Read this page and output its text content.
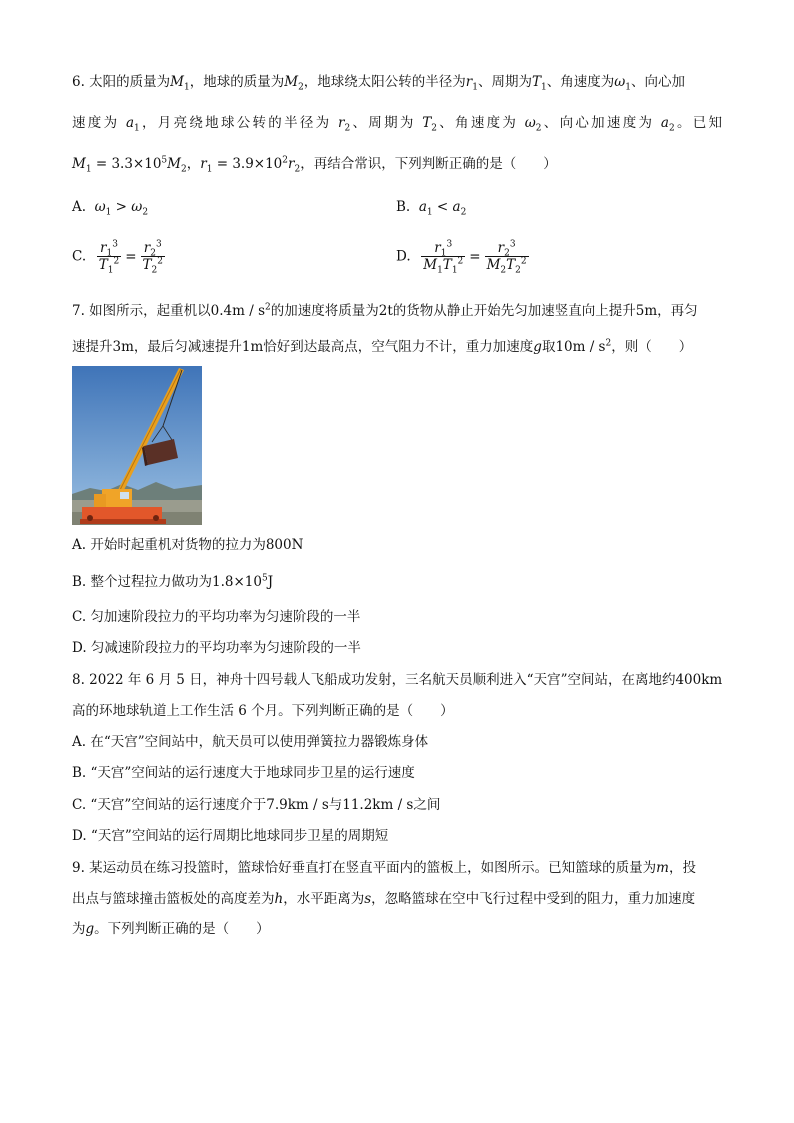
6. 太阳的质量为$M_1$，地球的质量为$M_2$，地球绕太阳公转的半径为$r_1$、周期为$T_1$、角速度为$\omega_1$、向心加
速度为 $a_1$，月亮绕地球公转的半径为 $r_2$、周期为 $T_2$、角速度为 $\omega_2$、向心加速度为 $a_2$。已知
$M_1 = 3.3\times 10^5M_2$，$r_1 = 3.9\times 10^2r_2$，再结合常识，下列判断正确的是（　　）
A. $\omega_1 > \omega_2$	B. $a_1 < a_2$
C. $\frac{r_1^3}{T_1^2} = \frac{r_2^3}{T_2^2}$	D. $\frac{r_1^3}{M_1T_1^2} = \frac{r_2^3}{M_2T_2^2}$
7. 如图所示，起重机以$0.4m / s^2$的加速度将质量为2t的货物从静止开始先匀加速竖直向上提升5m，再匀
速提升3m，最后匀减速提升1m恰好到达最高点，空气阻力不计，重力加速度g取$10m / s^2$，则（　　）
A. 开始时起重机对货物的拉力为800N
B. 整个过程拉力做功为$1.8\times 10^5J$
C. 匀加速阶段拉力的平均功率为匀速阶段的一半
D. 匀减速阶段拉力的平均功率为匀速阶段的一半
8. 2022 年 6 月 5 日，神舟十四号载人飞船成功发射，三名航天员顺利进入“天宫”空间站，在离地约400km
高的环地球轨道上工作生活 6 个月。下列判断正确的是（　　）
A. 在“天宫”空间站中，航天员可以使用弹簧拉力器锻炼身体
B. “天宫”空间站的运行速度大于地球同步卫星的运行速度
C. “天宫”空间站的运行速度介于7.9km / s与11.2km / s之间
D. “天宫”空间站的运行周期比地球同步卫星的周期短
9. 某运动员在练习投篮时，篮球恰好垂直打在竖直平面内的篮板上，如图所示。已知篮球的质量为m，投
出点与篮球撞击篮板处的高度差为h，水平距离为s，忽略篮球在空中飞行过程中受到的阻力，重力加速度
为g。下列判断正确的是（　　）
